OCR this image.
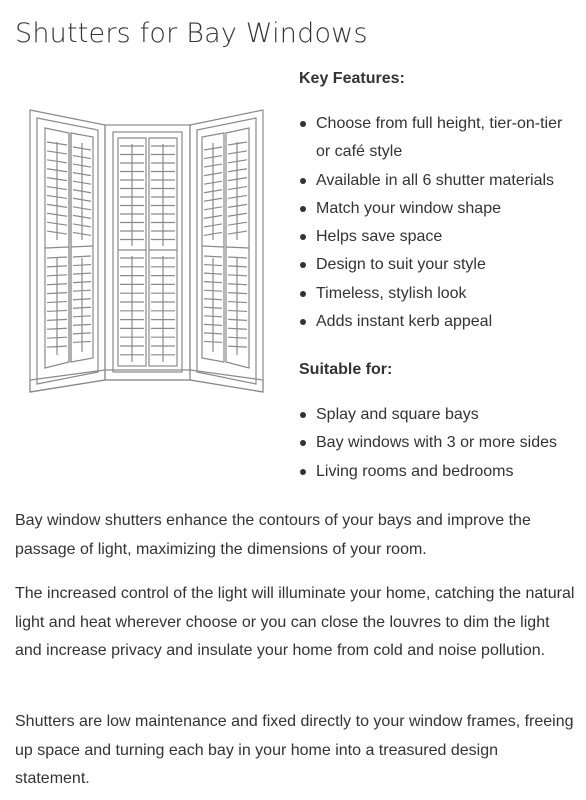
Shutters for Bay Windows
Key Features:
Choose from full height, tier-on-tier or café style
Available in all 6 shutter materials
Match your window shape
Helps save space
Design to suit your style
Timeless, stylish look
Adds instant kerb appeal
Suitable for:
Splay and square bays
Bay windows with 3 or more sides
Living rooms and bedrooms

Bay window shutters enhance the contours of your bays and improve the passage of light, maximizing the dimensions of your room.

The increased control of the light will illuminate your home, catching the natural light and heat wherever choose or you can close the louvres to dim the light and increase privacy and insulate your home from cold and noise pollution.

Shutters are low maintenance and fixed directly to your window frames, freeing up space and turning each bay in your home into a treasured design statement.
